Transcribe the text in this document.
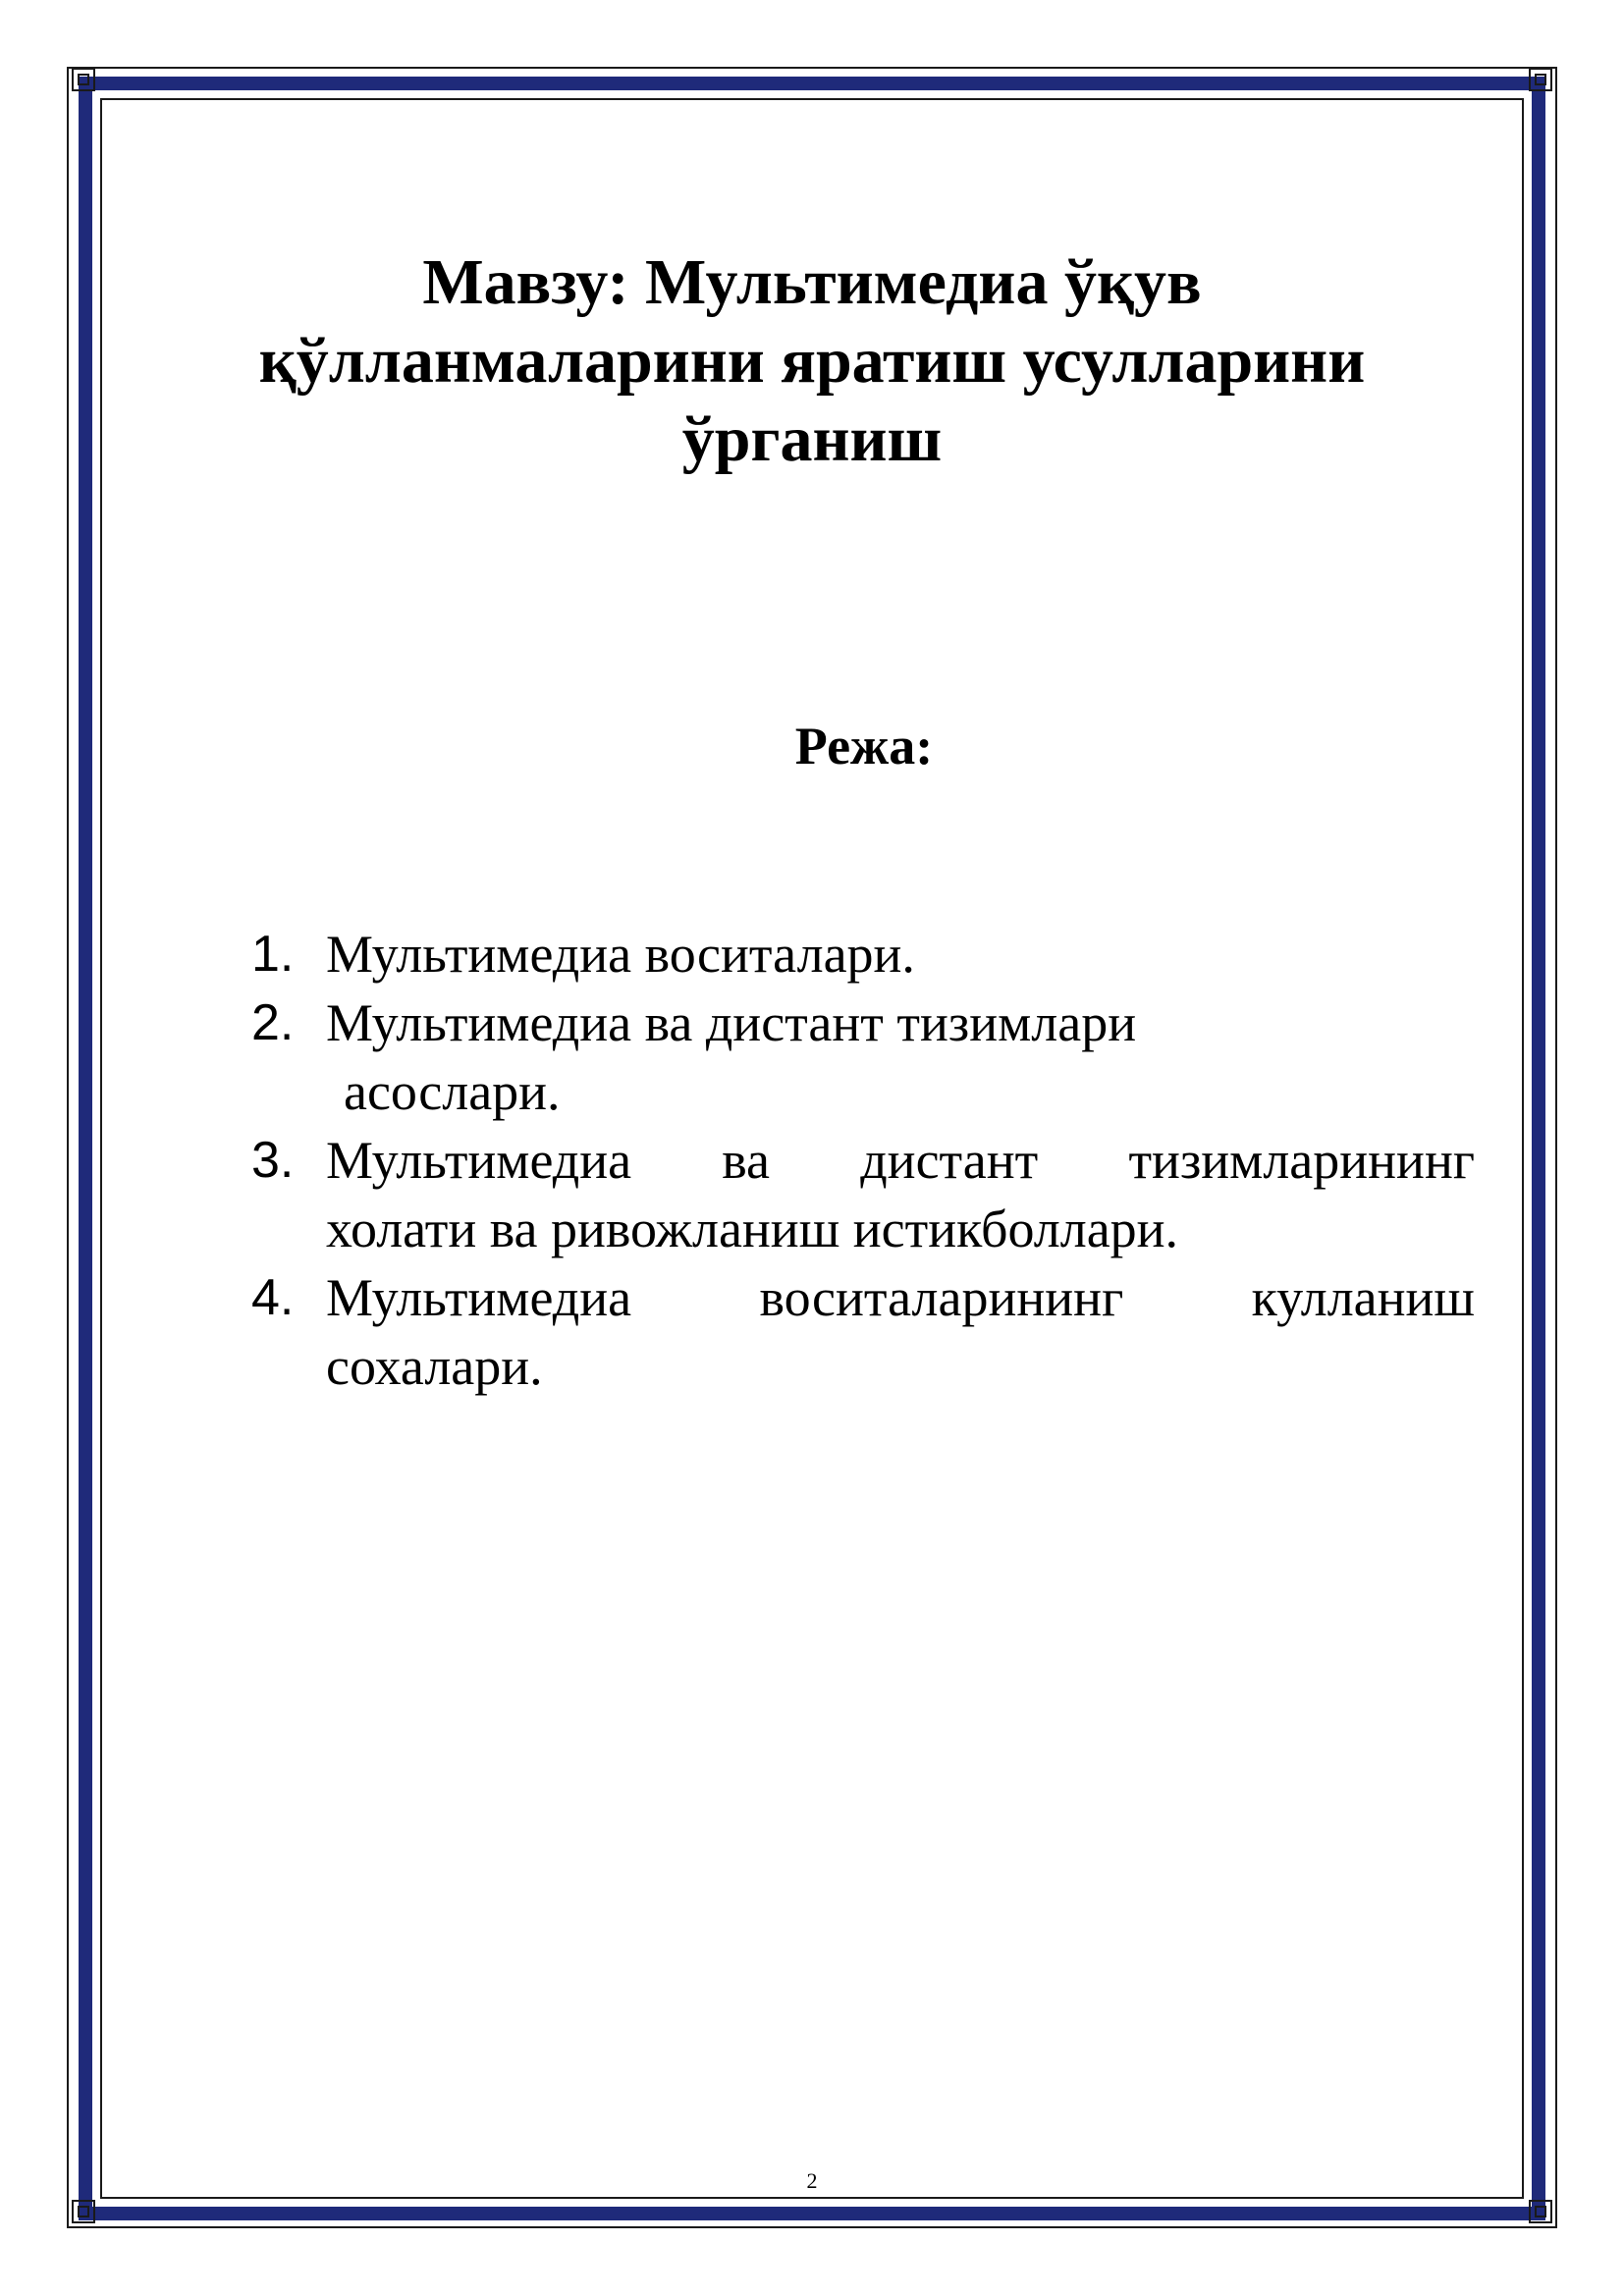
Мавзу: Мультимедиа ўқув
қўлланмаларини яратиш усулларини
ўрганиш
Режа:
1. Мультимедиа воситалари.
2. Мультимедиа ва дистант тизимлари
асослари.
3. Мультимедиа ва дистант тизимларининг
холати ва ривожланиш истикболлари.
4. Мультимедиа воситаларининг кулланиш
сохалари.
2
